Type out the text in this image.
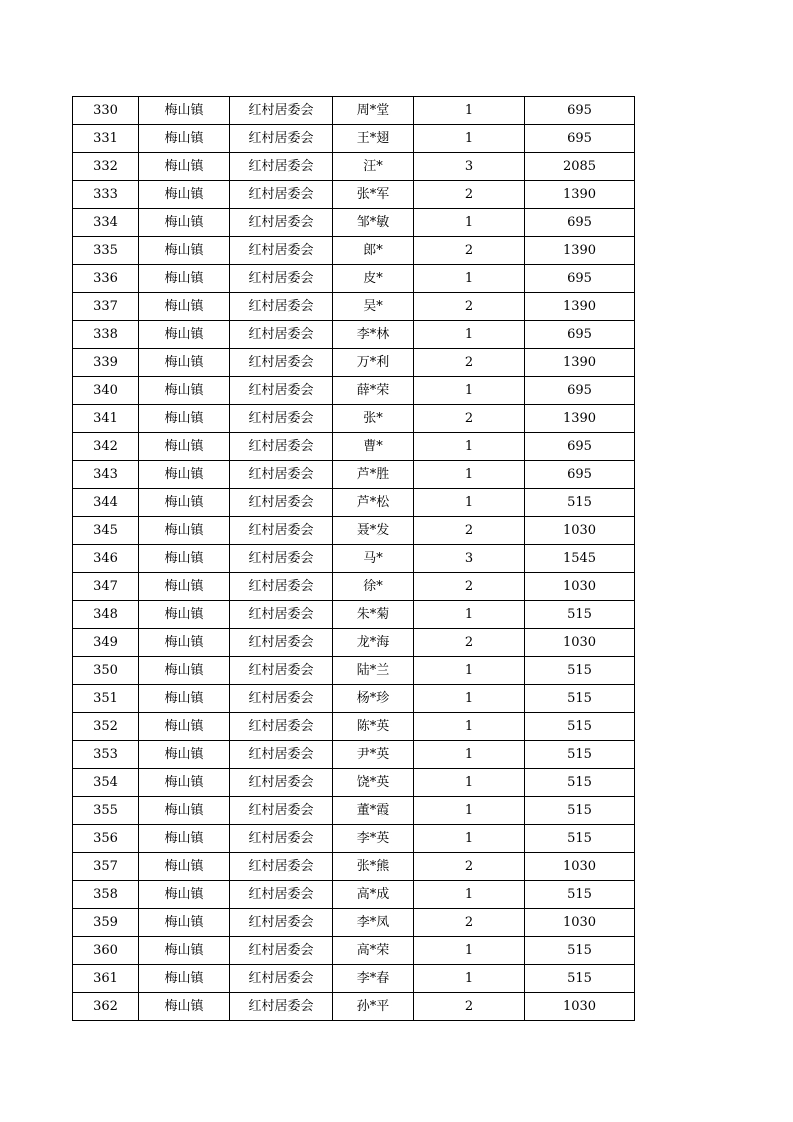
330	梅山镇	红村居委会	周*堂	1	695
331	梅山镇	红村居委会	王*翅	1	695
332	梅山镇	红村居委会	汪*	3	2085
333	梅山镇	红村居委会	张*军	2	1390
334	梅山镇	红村居委会	邹*敏	1	695
335	梅山镇	红村居委会	郎*	2	1390
336	梅山镇	红村居委会	皮*	1	695
337	梅山镇	红村居委会	吴*	2	1390
338	梅山镇	红村居委会	李*林	1	695
339	梅山镇	红村居委会	万*利	2	1390
340	梅山镇	红村居委会	薛*荣	1	695
341	梅山镇	红村居委会	张*	2	1390
342	梅山镇	红村居委会	曹*	1	695
343	梅山镇	红村居委会	芦*胜	1	695
344	梅山镇	红村居委会	芦*松	1	515
345	梅山镇	红村居委会	聂*发	2	1030
346	梅山镇	红村居委会	马*	3	1545
347	梅山镇	红村居委会	徐*	2	1030
348	梅山镇	红村居委会	朱*菊	1	515
349	梅山镇	红村居委会	龙*海	2	1030
350	梅山镇	红村居委会	陆*兰	1	515
351	梅山镇	红村居委会	杨*珍	1	515
352	梅山镇	红村居委会	陈*英	1	515
353	梅山镇	红村居委会	尹*英	1	515
354	梅山镇	红村居委会	饶*英	1	515
355	梅山镇	红村居委会	董*霞	1	515
356	梅山镇	红村居委会	李*英	1	515
357	梅山镇	红村居委会	张*熊	2	1030
358	梅山镇	红村居委会	高*成	1	515
359	梅山镇	红村居委会	李*凤	2	1030
360	梅山镇	红村居委会	高*荣	1	515
361	梅山镇	红村居委会	李*春	1	515
362	梅山镇	红村居委会	孙*平	2	1030
